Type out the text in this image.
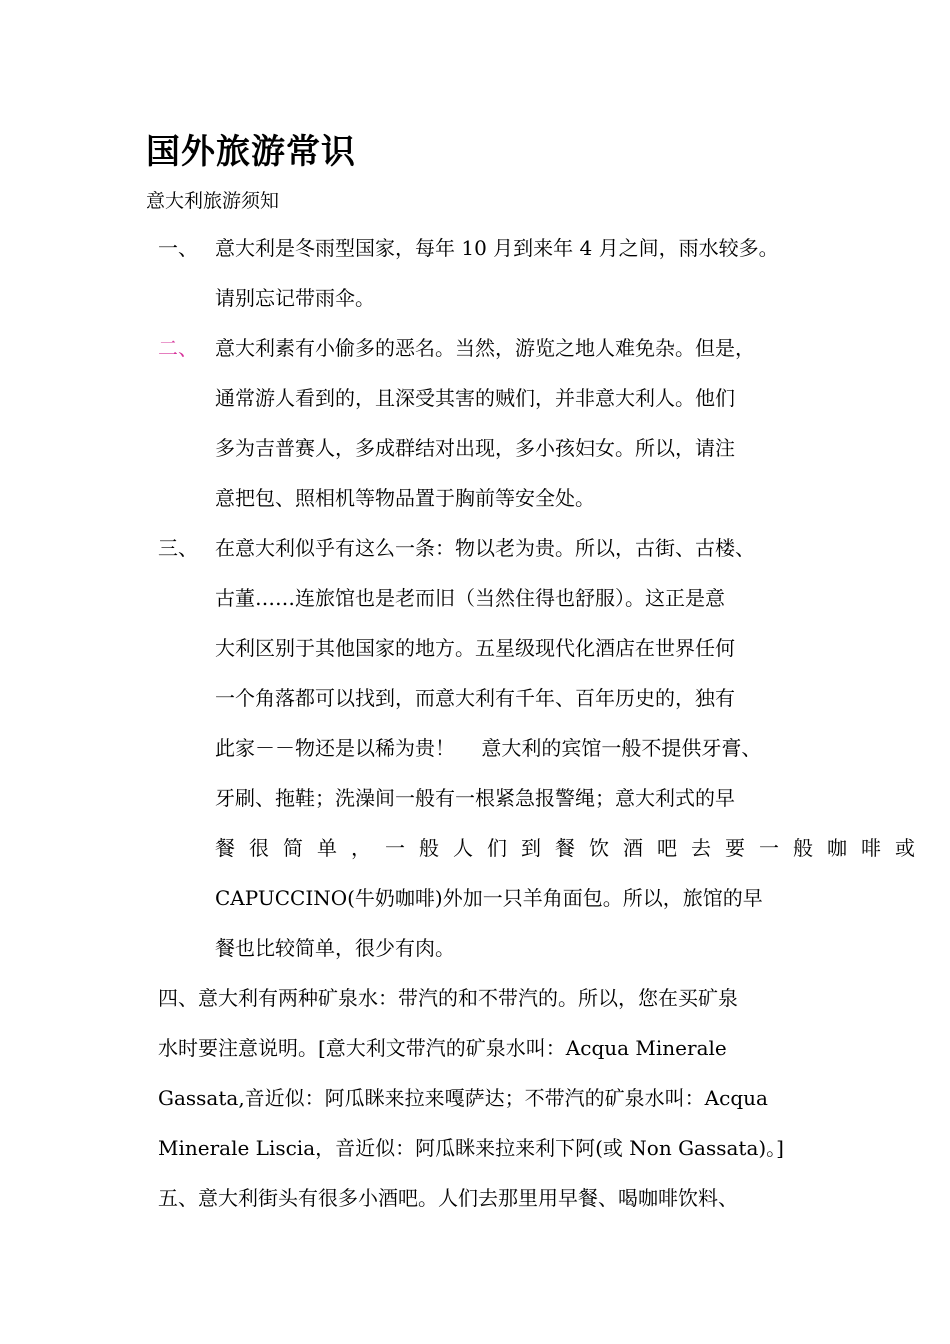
国外旅游常识
意大利旅游须知
一、 意大利是冬雨型国家，每年 10 月到来年 4 月之间，雨水较多。
请别忘记带雨伞。
二、 意大利素有小偷多的恶名。当然，游览之地人难免杂。但是，
通常游人看到的，且深受其害的贼们，并非意大利人。他们
多为吉普赛人，多成群结对出现，多小孩妇女。所以，请注
意把包、照相机等物品置于胸前等安全处。
三、 在意大利似乎有这么一条：物以老为贵。所以，古街、古楼、
古董……连旅馆也是老而旧（当然住得也舒服）。这正是意
大利区别于其他国家的地方。五星级现代化酒店在世界任何
一个角落都可以找到，而意大利有千年、百年历史的，独有
此家－－物还是以稀为贵！　 意大利的宾馆一般不提供牙膏、
牙刷、拖鞋；洗澡间一般有一根紧急报警绳；意大利式的早
餐很简单，一般人们到餐饮酒吧去要一般咖啡或
CAPUCCINO(牛奶咖啡)外加一只羊角面包。所以，旅馆的早
餐也比较简单，很少有肉。
四、意大利有两种矿泉水：带汽的和不带汽的。所以，您在买矿泉
水时要注意说明。[意大利文带汽的矿泉水叫：Acqua Minerale
Gassata,音近似：阿瓜眯来拉来嘎萨达；不带汽的矿泉水叫：Acqua
Minerale Liscia，音近似：阿瓜眯来拉来利下阿(或 Non Gassata)。]
五、意大利街头有很多小酒吧。人们去那里用早餐、喝咖啡饮料、
